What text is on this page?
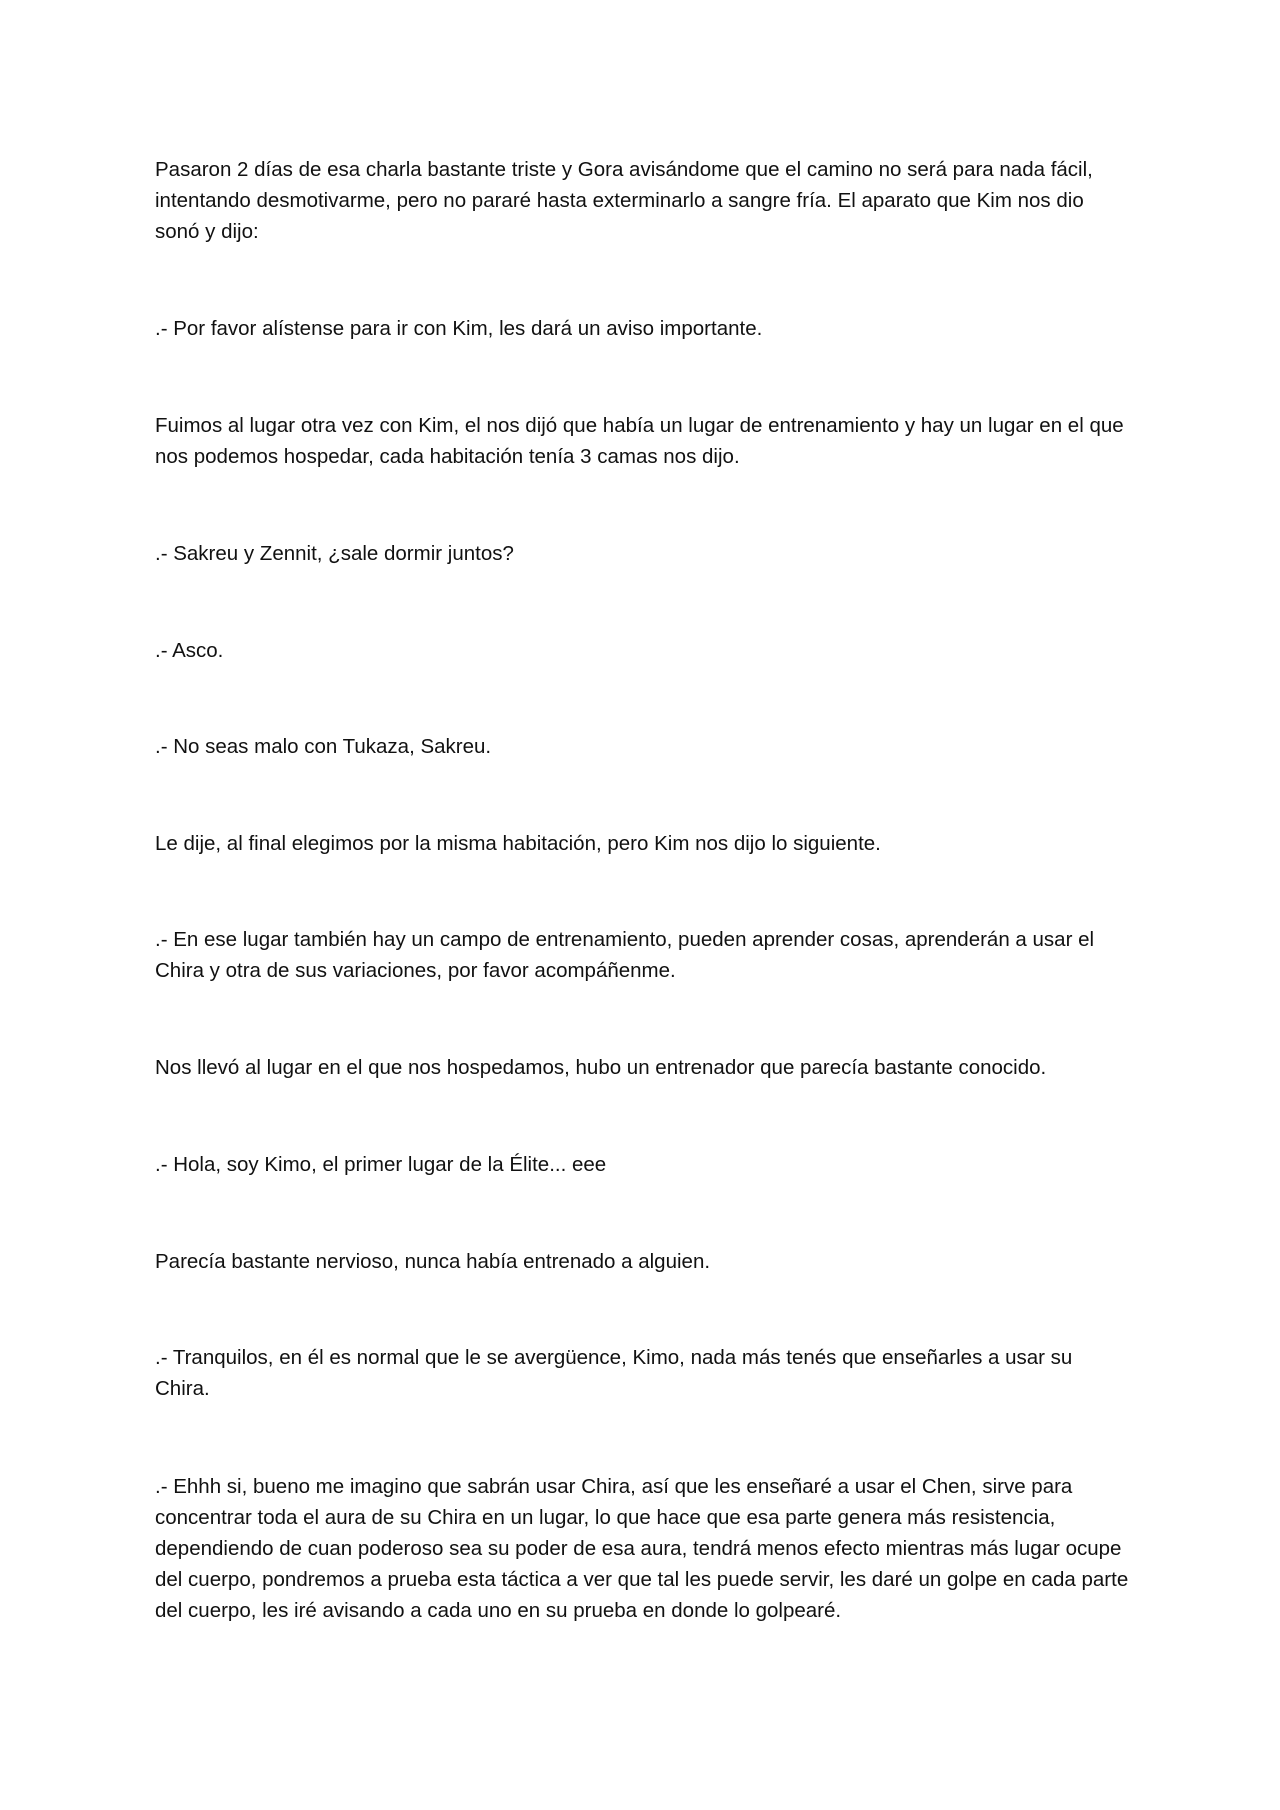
Pasaron 2 días de esa charla bastante triste y Gora avisándome que el camino no será para nada fácil, intentando desmotivarme, pero no pararé hasta exterminarlo a sangre fría. El aparato que Kim nos dio sonó y dijo:

.- Por favor alístense para ir con Kim, les dará un aviso importante.

Fuimos al lugar otra vez con Kim, el nos dijó que había un lugar de entrenamiento y hay un lugar en el que nos podemos hospedar, cada habitación tenía 3 camas nos dijo.

.- Sakreu y Zennit, ¿sale dormir juntos?

.- Asco.

.- No seas malo con Tukaza, Sakreu.

Le dije, al final elegimos por la misma habitación, pero Kim nos dijo lo siguiente.

.- En ese lugar también hay un campo de entrenamiento, pueden aprender cosas, aprenderán a usar el Chira y otra de sus variaciones, por favor acompáñenme.

Nos llevó al lugar en el que nos hospedamos, hubo un entrenador que parecía bastante conocido.

.- Hola, soy Kimo, el primer lugar de la Élite... eee

Parecía bastante nervioso, nunca había entrenado a alguien.

.- Tranquilos, en él es normal que le se avergüence, Kimo, nada más tenés que enseñarles a usar su Chira.

.- Ehhh si, bueno me imagino que sabrán usar Chira, así que les enseñaré a usar el Chen, sirve para concentrar toda el aura de su Chira en un lugar, lo que hace que esa parte genera más resistencia, dependiendo de cuan poderoso sea su poder de esa aura, tendrá menos efecto mientras más lugar ocupe del cuerpo, pondremos a prueba esta táctica a ver que tal les puede servir, les daré un golpe en cada parte del cuerpo, les iré avisando a cada uno en su prueba en donde lo golpearé.
